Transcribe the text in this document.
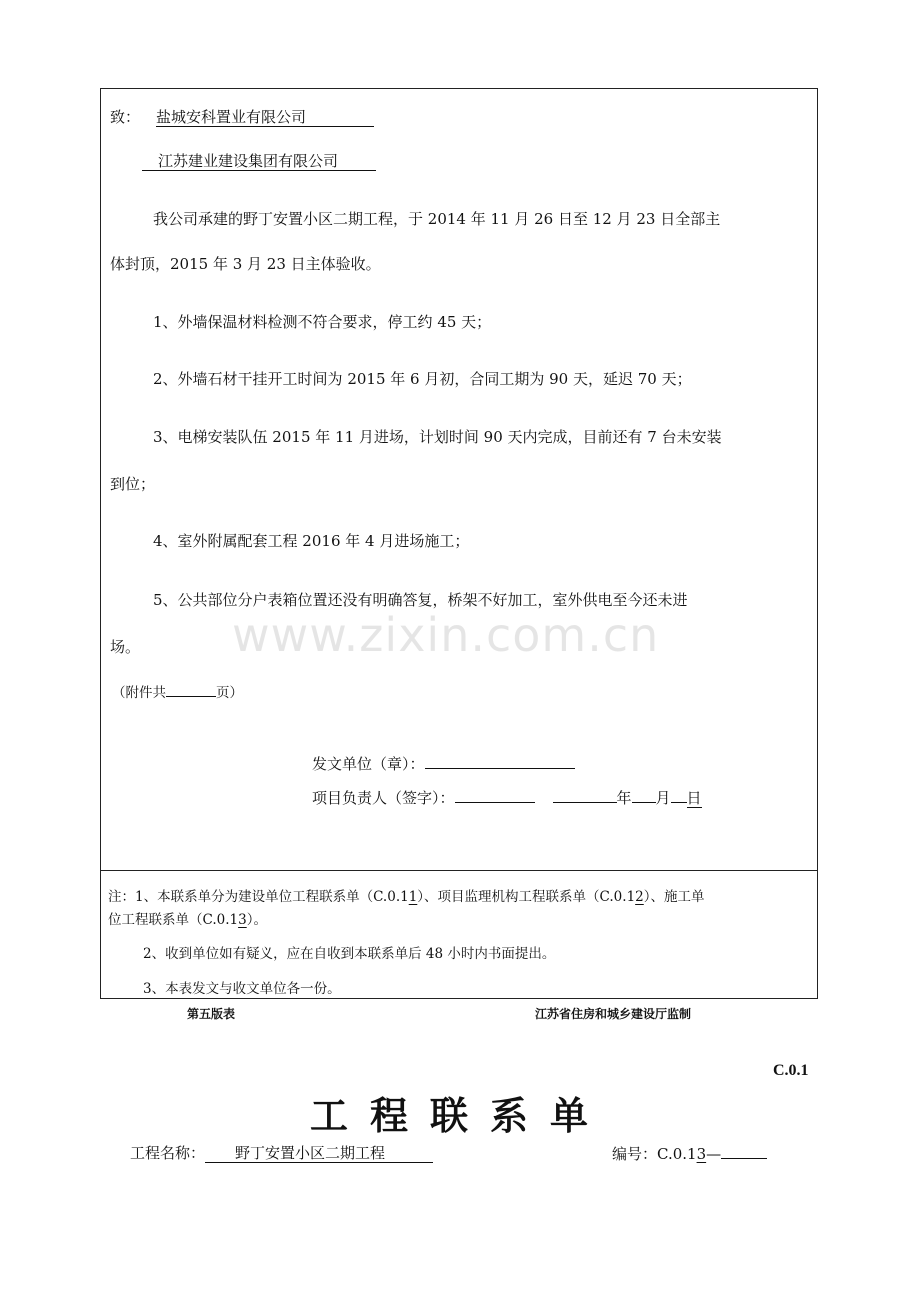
www.zixin.com.cn
致： 盐城安科置业有限公司
江苏建业建设集团有限公司
我公司承建的野丁安置小区二期工程，于 2014 年 11 月 26 日至 12 月 23 日全部主
体封顶，2015 年 3 月 23 日主体验收。
1、外墙保温材料检测不符合要求，停工约 45 天；
2、外墙石材干挂开工时间为 2015 年 6 月初，合同工期为 90 天，延迟 70 天；
3、电梯安装队伍 2015 年 11 月进场，计划时间 90 天内完成，目前还有 7 台未安装
到位；
4、室外附属配套工程 2016 年 4 月进场施工；
5、公共部位分户表箱位置还没有明确答复，桥架不好加工，室外供电至今还未进
场。
（附件共	页）
发文单位（章）：
项目负责人（签字）：	年 月 日
注：1、本联系单分为建设单位工程联系单（C.0.11）、项目监理机构工程联系单（C.0.12）、施工单
位工程联系单（C.0.13）。
2、收到单位如有疑义，应在自收到本联系单后 48 小时内书面提出。
3、本表发文与收文单位各一份。
第五版表	江苏省住房和城乡建设厅监制
C.0.1
工程联系单
工程名称： 野丁安置小区二期工程	编号：C.0.13—
